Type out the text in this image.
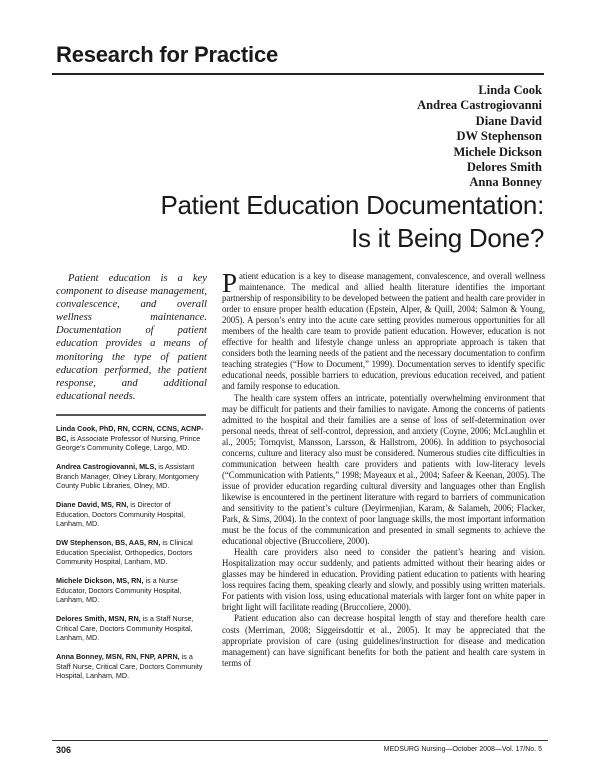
Research for Practice
Linda Cook
Andrea Castrogiovanni
Diane David
DW Stephenson
Michele Dickson
Delores Smith
Anna Bonney
Patient Education Documentation:
Is it Being Done?
Patient education is a key component to disease management, convalescence, and overall wellness maintenance. Documentation of patient education provides a means of monitoring the type of patient education performed, the patient response, and additional educational needs.
Linda Cook, PhD, RN, CCRN, CCNS, ACNP-BC, is Associate Professor of Nursing, Prince George’s Community College, Largo, MD.
Andrea Castrogiovanni, MLS, is Assistant Branch Manager, Olney Library, Montgomery County Public Libraries, Olney, MD.
Diane David, MS, RN, is Director of Education, Doctors Community Hospital, Lanham, MD.
DW Stephenson, BS, AAS, RN, is Clinical Education Specialist, Orthopedics, Doctors Community Hospital, Lanham, MD.
Michele Dickson, MS, RN, is a Nurse Educator, Doctors Community Hospital, Lanham, MD.
Delores Smith, MSN, RN, is a Staff Nurse, Critical Care, Doctors Community Hospital, Lanham, MD.
Anna Bonney, MSN, RN, FNP, APRN, is a Staff Nurse, Critical Care, Doctors Community Hospital, Lanham, MD.

Patient education is a key to disease management, convalescence, and overall wellness maintenance. The medical and allied health literature identifies the important partnership of responsibility to be developed between the patient and health care provider in order to ensure proper health education (Epstein, Alper, & Quill, 2004; Salmon & Young, 2005). A person’s entry into the acute care setting provides numerous opportunities for all members of the health care team to provide patient education. However, education is not effective for health and lifestyle change unless an appropriate approach is taken that considers both the learning needs of the patient and the necessary documentation to confirm teaching strategies (“How to Document,” 1999). Documentation serves to identify specific educational needs, possible barriers to education, previous education received, and patient and family response to education.

The health care system offers an intricate, potentially overwhelming environment that may be difficult for patients and their families to navigate. Among the concerns of patients admitted to the hospital and their families are a sense of loss of self-determination over personal needs, threat of self-control, depression, and anxiety (Coyne, 2006; McLaughlin et al., 2005; Tornqvist, Mansson, Larsson, & Hallstrom, 2006). In addition to psychosocial concerns, culture and literacy also must be considered. Numerous studies cite difficulties in communication between health care providers and patients with low-literacy levels (“Communication with Patients,” 1998; Mayeaux et al., 2004; Safeer & Keenan, 2005). The issue of provider education regarding cultural diversity and languages other than English likewise is encountered in the pertinent literature with regard to barriers of communication and sensitivity to the patient’s culture (Deyirmenjian, Karam, & Salameh, 2006; Flacker, Park, & Sims, 2004). In the context of poor language skills, the most important information must be the focus of the communication and presented in small segments to achieve the educational objective (Bruccoliere, 2000).

Health care providers also need to consider the patient’s hearing and vision. Hospitalization may occur suddenly, and patients admitted without their hearing aides or glasses may be hindered in education. Providing patient education to patients with hearing loss requires facing them, speaking clearly and slowly, and possibly using written materials. For patients with vision loss, using educational materials with larger font on white paper in bright light will facilitate reading (Bruccoliere, 2000).

Patient education also can decrease hospital length of stay and therefore health care costs (Merriman, 2008; Siggeirsdottir et al., 2005). It may be appreciated that the appropriate provision of care (using guidelines/instruction for disease and medication management) can have significant benefits for both the patient and health care system in terms of

306	MEDSURG Nursing—October 2008—Vol. 17/No. 5
